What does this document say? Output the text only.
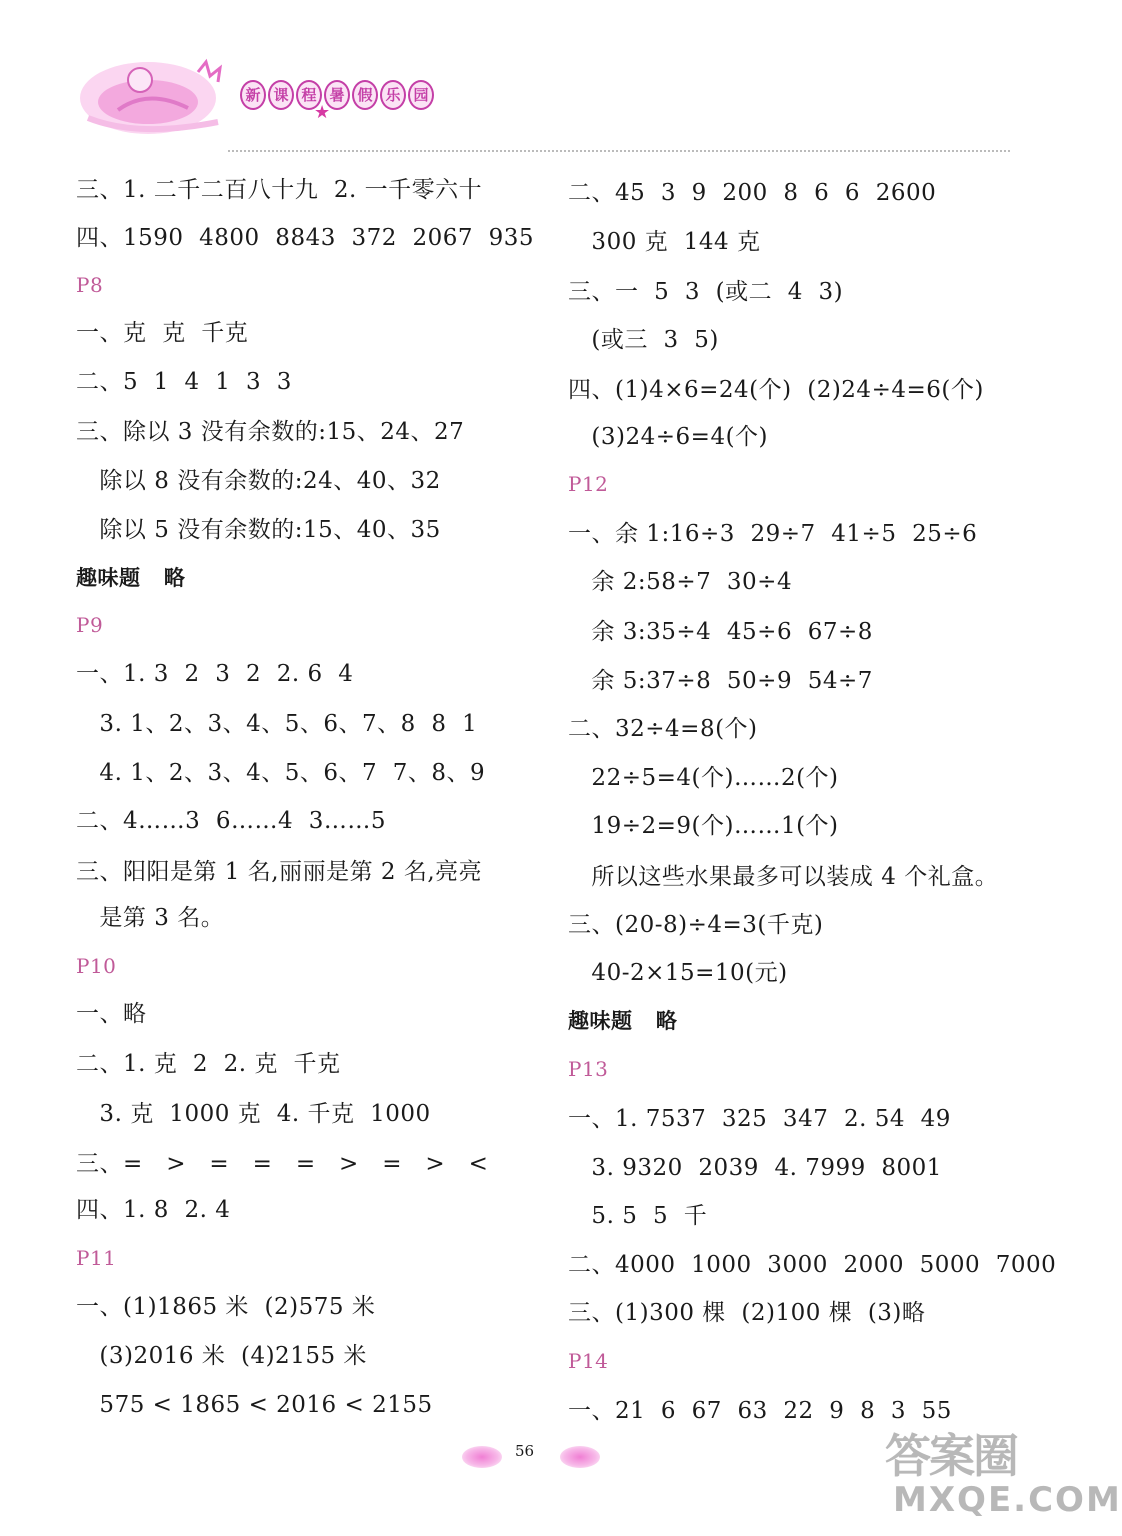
新 课 程 暑 假 乐 园
★
三、1. 二千二百八十九  2. 一千零六十
四、1590  4800  8843  372  2067  935
P8
一、克  克  千克
二、5  1  4  1  3  3
三、除以 3 没有余数的:15、24、27
除以 8 没有余数的:24、40、32
除以 5 没有余数的:15、40、35
趣味题   略
P9
一、1. 3  2  3  2  2. 6  4
3. 1、2、3、4、5、6、7、8  8  1
4. 1、2、3、4、5、6、7  7、8、9
二、4……3  6……4  3……5
三、阳阳是第 1 名,丽丽是第 2 名,亮亮
是第 3 名。
P10
一、略
二、1. 克  2  2. 克  千克
3. 克  1000 克  4. 千克  1000
三、=   >   =   =   =   >   =   >   <
四、1. 8  2. 4
P11
一、(1)1865 米  (2)575 米
(3)2016 米  (4)2155 米
575 < 1865 < 2016 < 2155
二、45  3  9  200  8  6  6  2600
300 克  144 克
三、一  5  3  (或二  4  3)
(或三  3  5)
四、(1)4×6=24(个)  (2)24÷4=6(个)
(3)24÷6=4(个)
P12
一、余 1:16÷3  29÷7  41÷5  25÷6
余 2:58÷7  30÷4
余 3:35÷4  45÷6  67÷8
余 5:37÷8  50÷9  54÷7
二、32÷4=8(个)
22÷5=4(个)……2(个)
19÷2=9(个)……1(个)
所以这些水果最多可以装成 4 个礼盒。
三、(20-8)÷4=3(千克)
40-2×15=10(元)
趣味题   略
P13
一、1. 7537  325  347  2. 54  49
3. 9320  2039  4. 7999  8001
5. 5  5  千
二、4000  1000  3000  2000  5000  7000
三、(1)300 棵  (2)100 棵  (3)略
P14
一、21  6  67  63  22  9  8  3  55
56	答案圈
MXQE.COM
